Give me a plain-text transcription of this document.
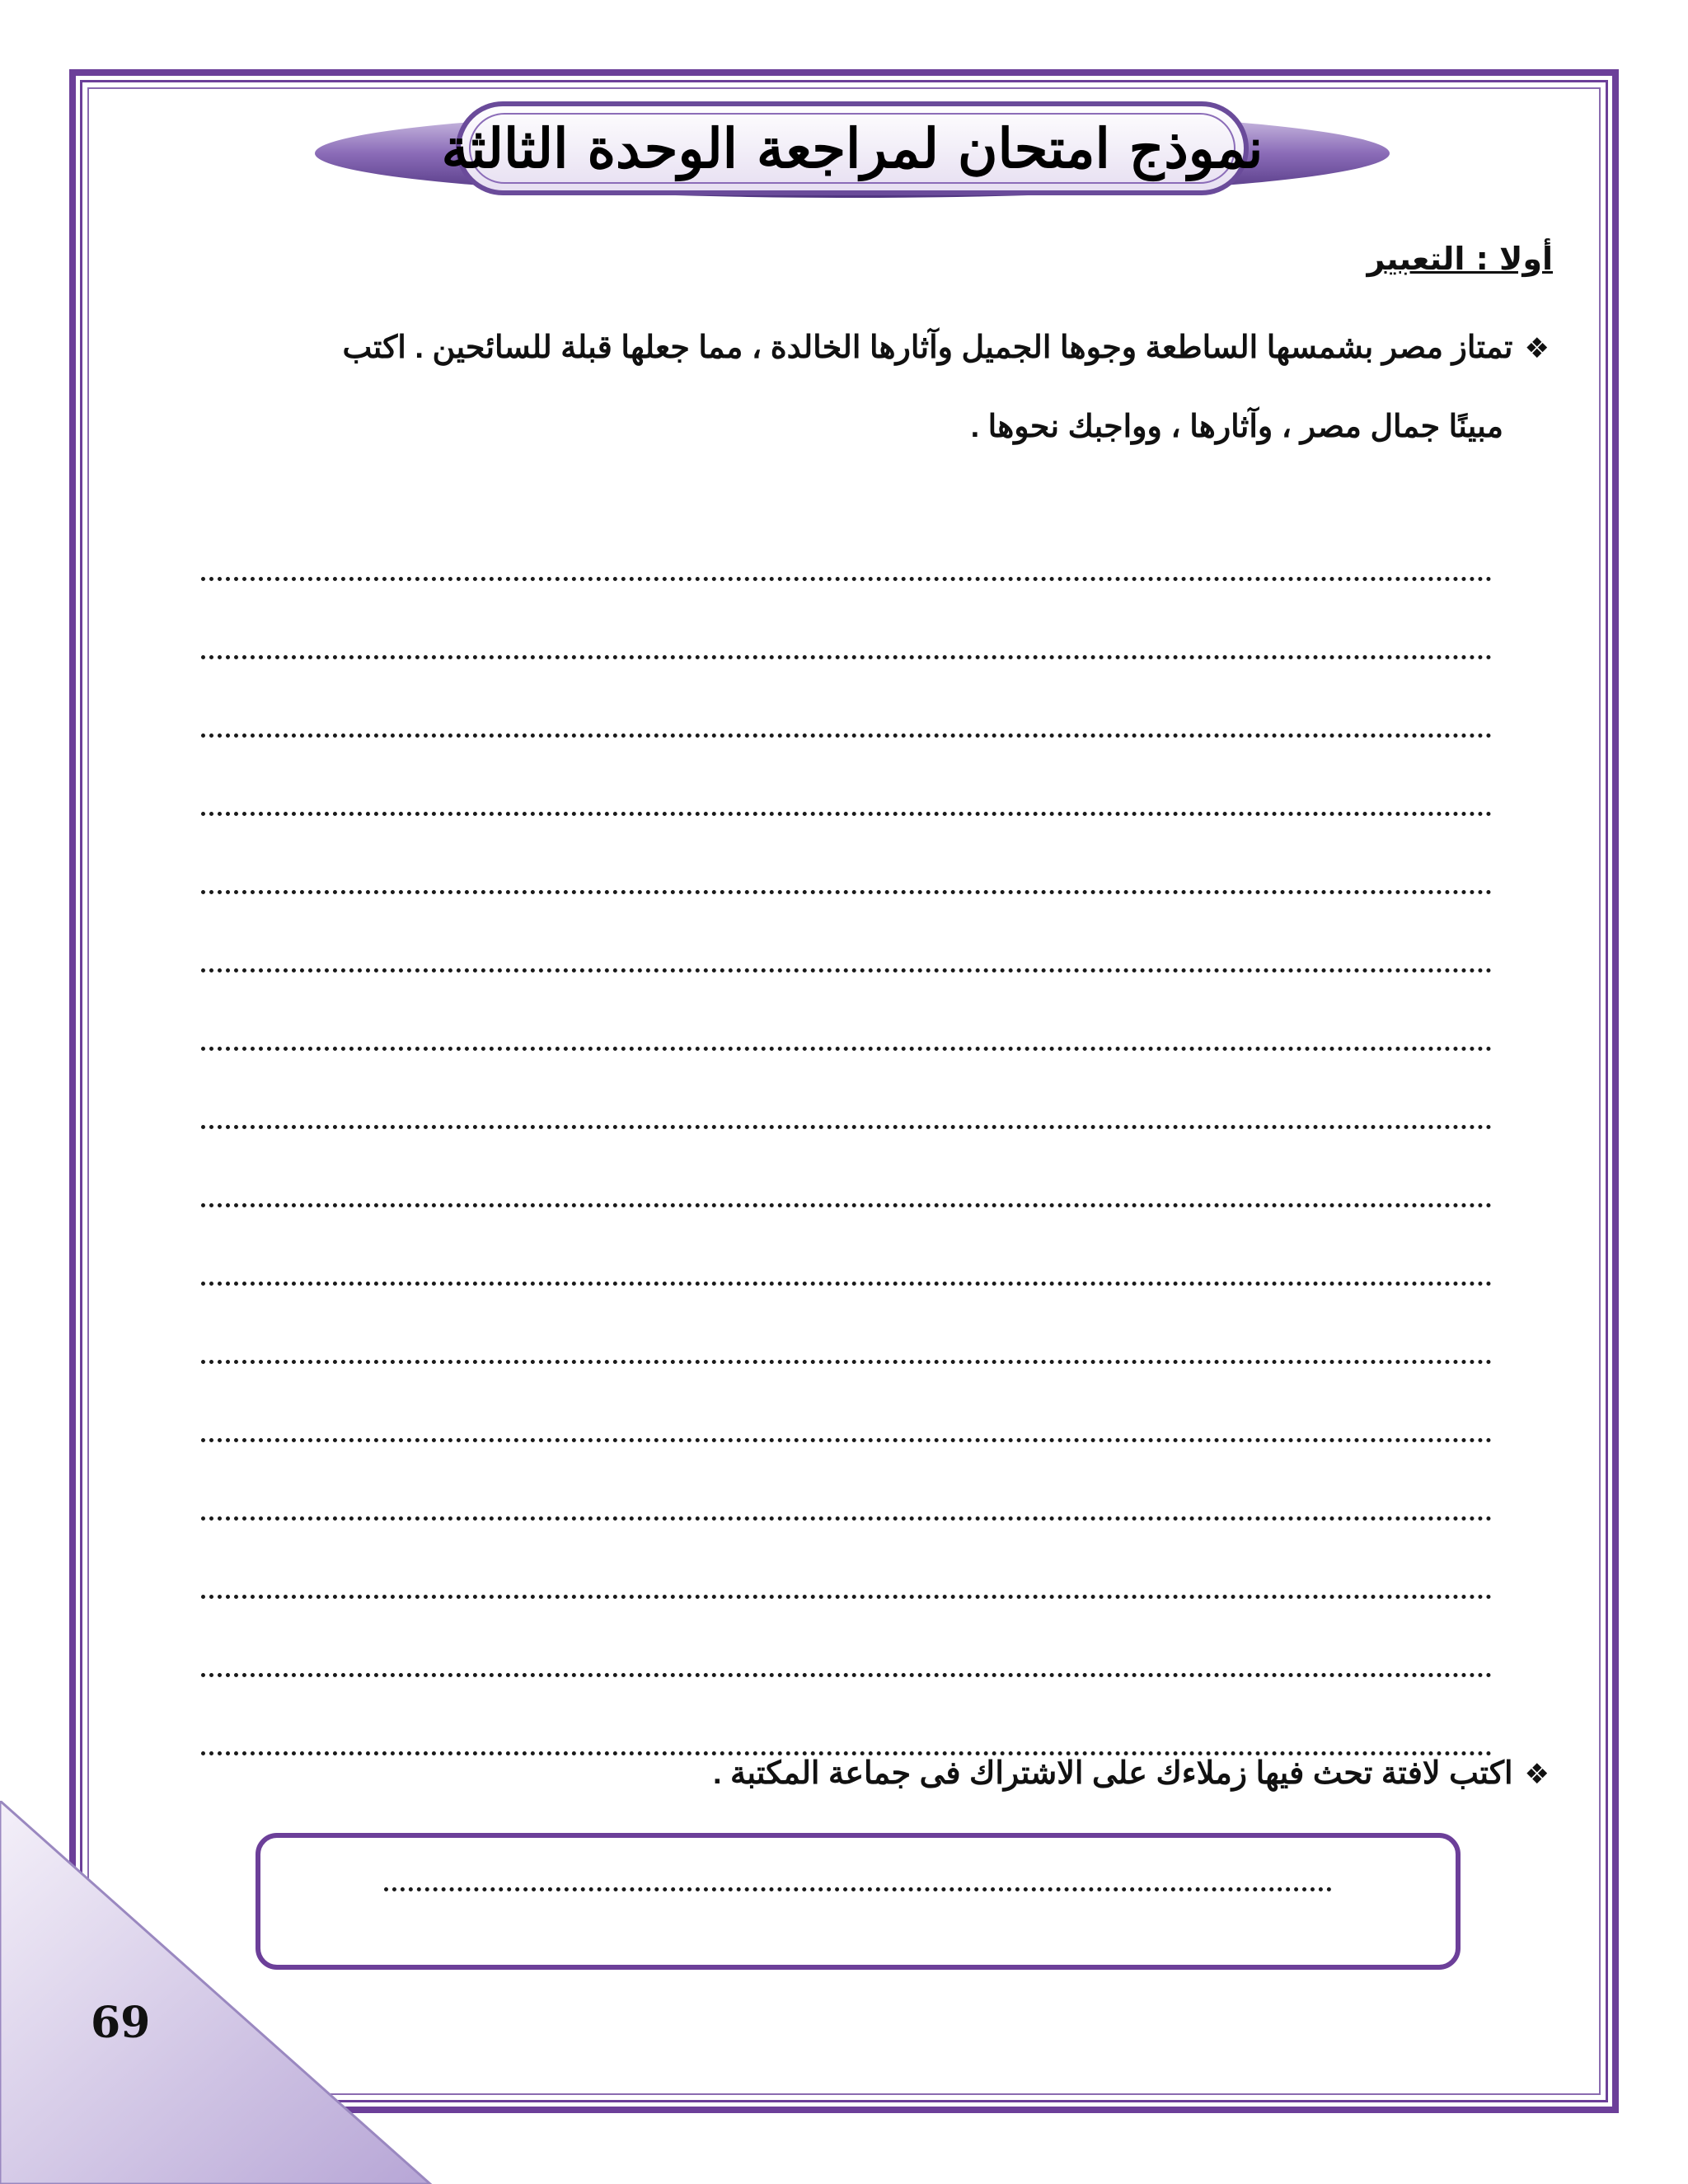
نموذج امتحان لمراجعة الوحدة الثالثة
أولا : التعبير
❖تمتاز مصر بشمسها الساطعة وجوها الجميل وآثارها الخالدة ، مما جعلها قبلة للسائحين . اكتب
مبينًا جمال مصر ، وآثارها ، وواجبك نحوها .
❖اكتب لافتة تحث فيها زملاءك على الاشتراك فى جماعة المكتبة .
69
